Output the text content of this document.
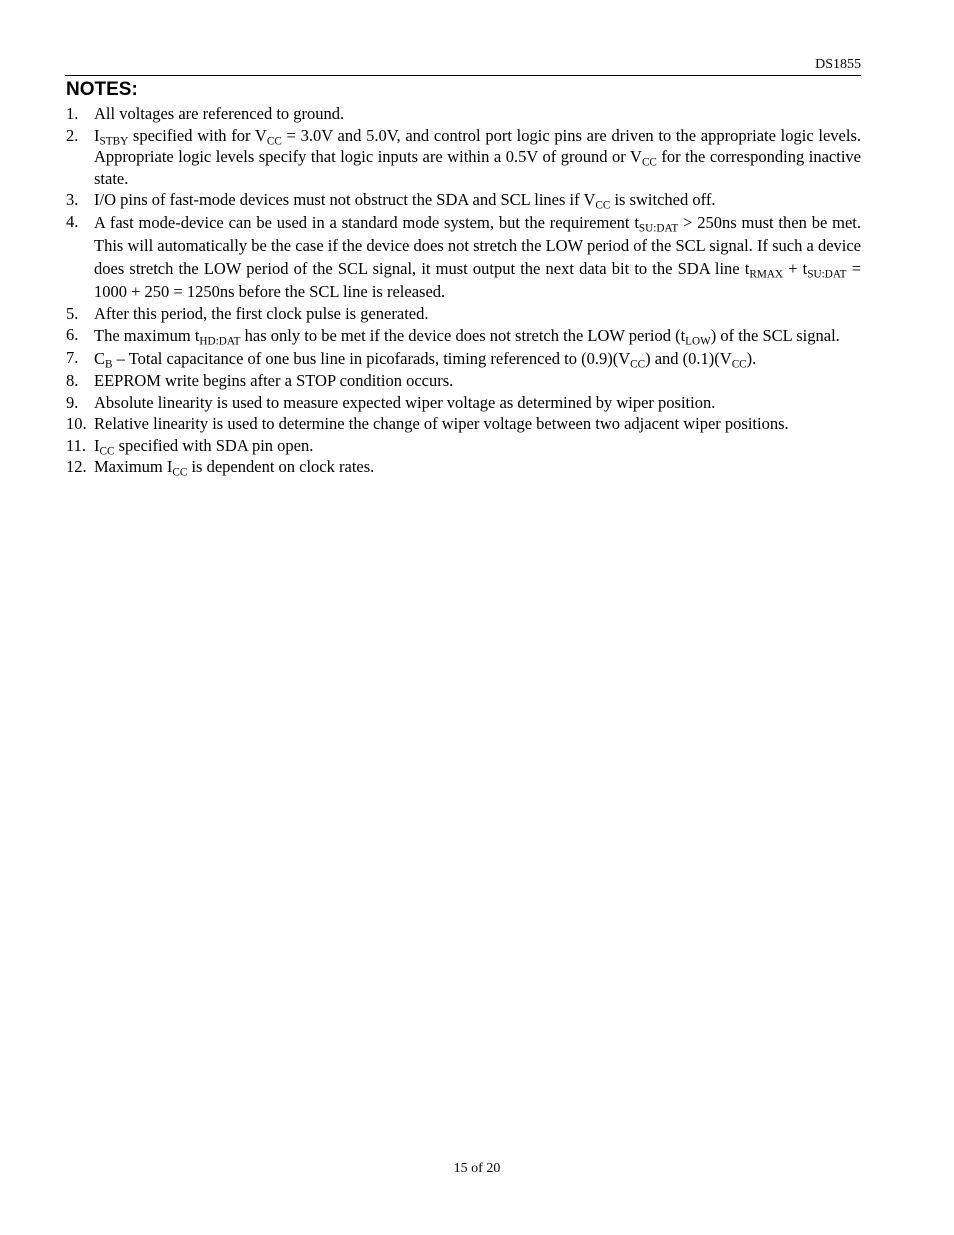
DS1855
NOTES:
1. All voltages are referenced to ground.
2. $I_{STBY}$ specified with for $V_{CC} = 3.0V$ and 5.0V, and control port logic pins are driven to the appropriate logic levels. Appropriate logic levels specify that logic inputs are within a 0.5V of ground or $V_{CC}$ for the corresponding inactive state.
3. I/O pins of fast-mode devices must not obstruct the SDA and SCL lines if $V_{CC}$ is switched off.
4. A fast mode-device can be used in a standard mode system, but the requirement $t_{SU:DAT} > 250ns$ must then be met. This will automatically be the case if the device does not stretch the LOW period of the SCL signal. If such a device does stretch the LOW period of the SCL signal, it must output the next data bit to the SDA line $t_{RMAX} + t_{SU:DAT} = 1000 + 250 = 1250ns$ before the SCL line is released.
5. After this period, the first clock pulse is generated.
6. The maximum $t_{HD:DAT}$ has only to be met if the device does not stretch the LOW period $(t_{LOW})$ of the SCL signal.
7. $C_B$ – Total capacitance of one bus line in picofarads, timing referenced to $(0.9)(V_{CC})$ and $(0.1)(V_{CC})$.
8. EEPROM write begins after a STOP condition occurs.
9. Absolute linearity is used to measure expected wiper voltage as determined by wiper position.
10. Relative linearity is used to determine the change of wiper voltage between two adjacent wiper positions.
11. $I_{CC}$ specified with SDA pin open.
12. Maximum $I_{CC}$ is dependent on clock rates.
15 of 20
